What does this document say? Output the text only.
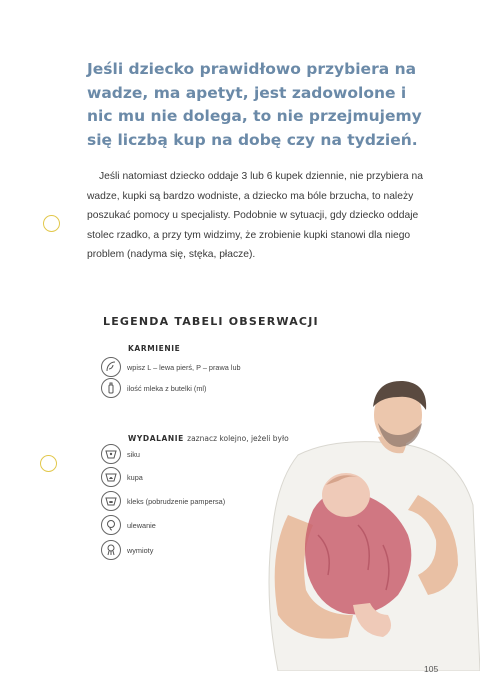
Jeśli dziecko prawidłowo przybiera na wadze, ma apetyt, jest zadowolone i nic mu nie dolega, to nie przejmujemy się liczbą kup na dobę czy na tydzień.

Jeśli natomiast dziecko oddaje 3 lub 6 kupek dziennie, nie przybiera na wadze, kupki są bardzo wodniste, a dziecko ma bóle brzucha, to należy poszukać pomocy u specjalisty. Podobnie w sytuacji, gdy dziecko oddaje stolec rzadko, a przy tym widzimy, że zrobienie kupki stanowi dla niego problem (nadyma się, stęka, płacze).

LEGENDA TABELI OBSERWACJI
KARMIENIE
wpisz L – lewa pierś, P – prawa lub
ilość mleka z butelki (ml)
WYDALANIE zaznacz kolejno, jeżeli było
siku
kupa
kleks (pobrudzenie pampersa)
ulewanie
wymioty
105
